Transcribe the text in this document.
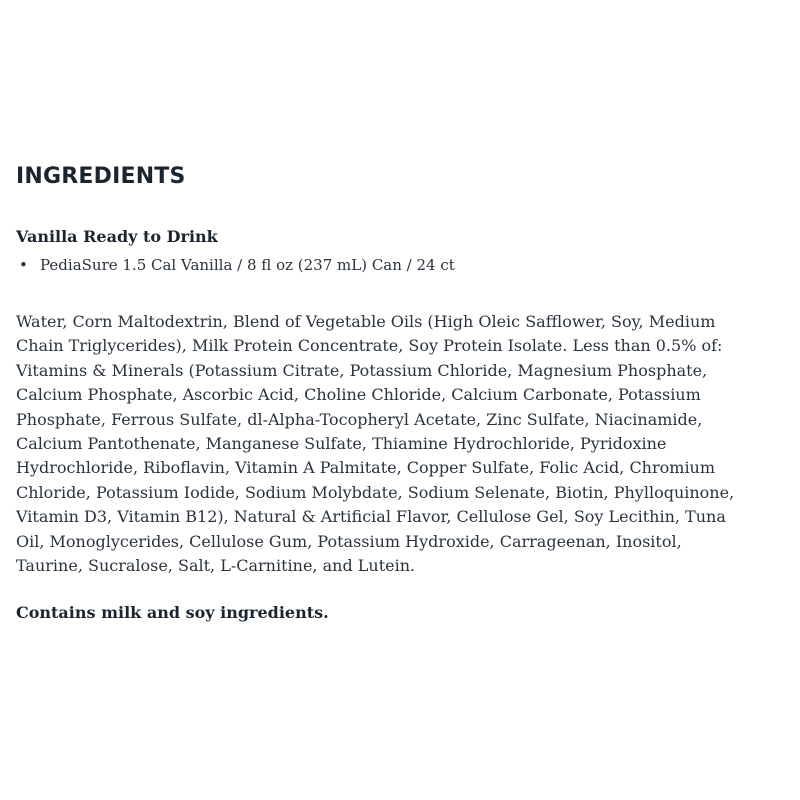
INGREDIENTS

Vanilla Ready to Drink

• PediaSure 1.5 Cal Vanilla / 8 fl oz (237 mL) Can / 24 ct
Water, Corn Maltodextrin, Blend of Vegetable Oils (High Oleic Safflower, Soy, Medium
Chain Triglycerides), Milk Protein Concentrate, Soy Protein Isolate. Less than 0.5% of:
Vitamins & Minerals (Potassium Citrate, Potassium Chloride, Magnesium Phosphate,
Calcium Phosphate, Ascorbic Acid, Choline Chloride, Calcium Carbonate, Potassium
Phosphate, Ferrous Sulfate, dl-Alpha-Tocopheryl Acetate, Zinc Sulfate, Niacinamide,
Calcium Pantothenate, Manganese Sulfate, Thiamine Hydrochloride, Pyridoxine
Hydrochloride, Riboflavin, Vitamin A Palmitate, Copper Sulfate, Folic Acid, Chromium
Chloride, Potassium Iodide, Sodium Molybdate, Sodium Selenate, Biotin, Phylloquinone,
Vitamin D3, Vitamin B12), Natural & Artificial Flavor, Cellulose Gel, Soy Lecithin, Tuna
Oil, Monoglycerides, Cellulose Gum, Potassium Hydroxide, Carrageenan, Inositol,
Taurine, Sucralose, Salt, L-Carnitine, and Lutein.

Contains milk and soy ingredients.
